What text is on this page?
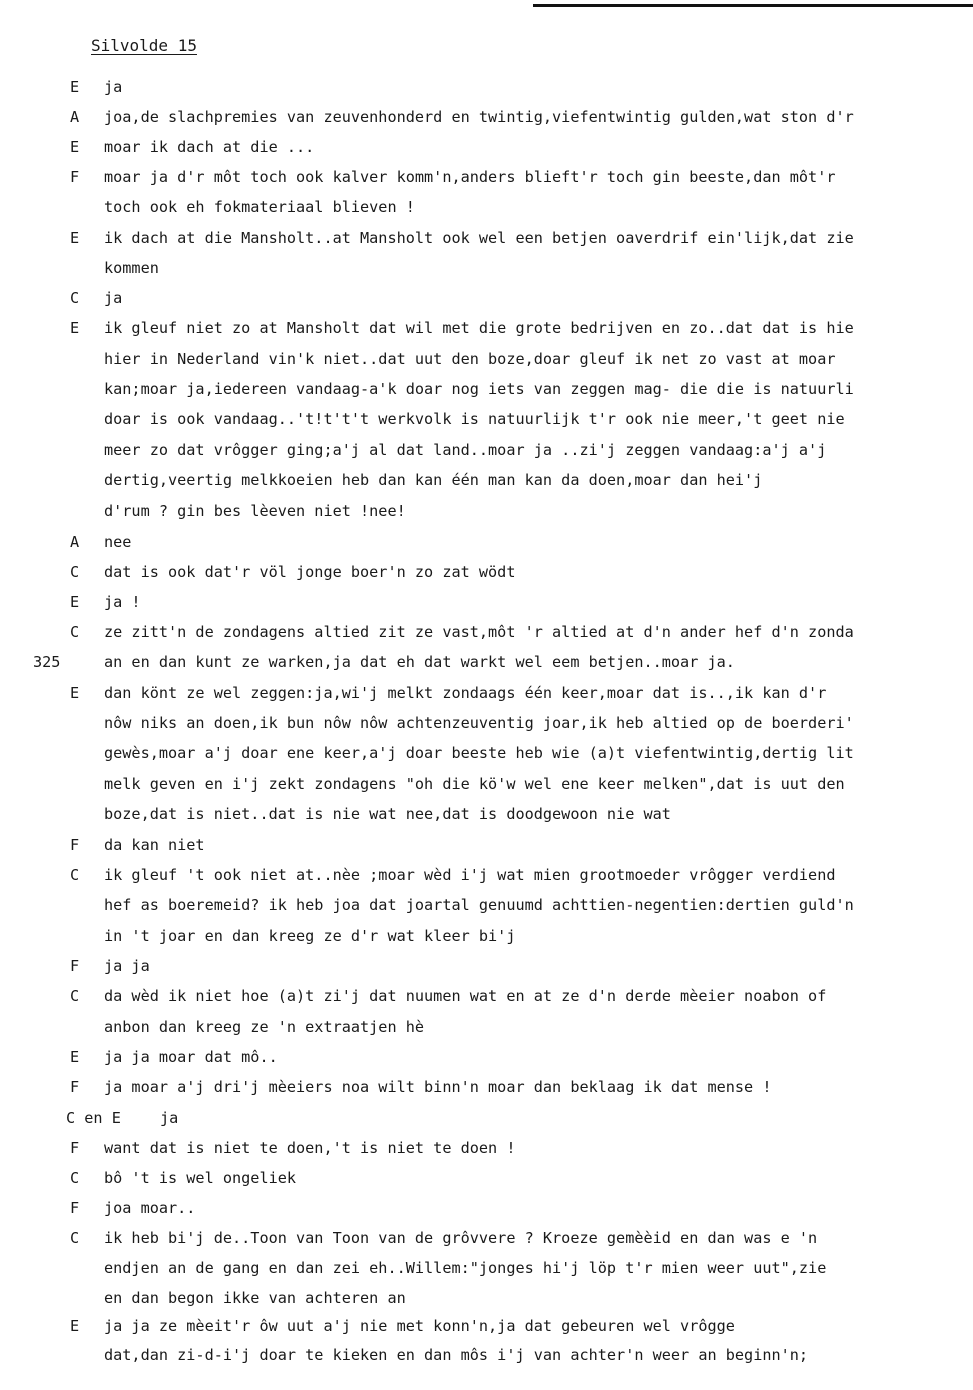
Silvolde 15
E	ja
A	joa,de slachpremies van zeuvenhonderd en twintig,viefentwintig gulden,wat ston d'r
E	moar ik dach at die ...
F	moar ja d'r môt toch ook kalver komm'n,anders blieft'r toch gin beeste,dan môt'r
toch ook eh fokmateriaal blieven !
E	ik dach at die Mansholt..at Mansholt ook wel een betjen oaverdrif ein'lijk,dat zie
kommen
C	ja
E	ik gleuf niet zo at Mansholt dat wil met die grote bedrijven en zo..dat dat is hie
hier in Nederland vin'k niet..dat uut den boze,doar gleuf ik net zo vast at moar
kan;moar ja,iedereen vandaag-a'k doar nog iets van zeggen mag- die die is natuurli
doar is ook vandaag..'t!t't't werkvolk is natuurlijk t'r ook nie meer,'t geet nie
meer zo dat vrôgger ging;a'j al dat land..moar ja ..zi'j zeggen vandaag:a'j a'j
dertig,veertig melkkoeien heb dan kan één man kan da doen,moar dan hei'j
d'rum ? gin bes lèeven niet !nee!
A	nee
C	dat is ook dat'r völ jonge boer'n zo zat wödt
E	ja !
C	ze zitt'n de zondagens altied zit ze vast,môt 'r altied at d'n ander hef d'n zonda
325	an en dan kunt ze warken,ja dat eh dat warkt wel eem betjen..moar ja.
E	dan könt ze wel zeggen:ja,wi'j melkt zondaags één keer,moar dat is..,ik kan d'r
nôw niks an doen,ik bun nôw nôw achtenzeuventig joar,ik heb altied op de boerderi'
gewès,moar a'j doar ene keer,a'j doar beeste heb wie (a)t viefentwintig,dertig lit
melk geven en i'j zekt zondagens "oh die kö'w wel ene keer melken",dat is uut den
boze,dat is niet..dat is nie wat nee,dat is doodgewoon nie wat
F	da kan niet
C	ik gleuf 't ook niet at..nèe ;moar wèd i'j wat mien grootmoeder vrôgger verdiend
hef as boeremeid? ik heb joa dat joartal genuumd achttien-negentien:dertien guld'n
in 't joar en dan kreeg ze d'r wat kleer bi'j
F	ja ja
C	da wèd ik niet hoe (a)t zi'j dat nuumen wat en at ze d'n derde mèeier noabon of
anbon dan kreeg ze 'n extraatjen hè
E	ja ja moar dat mô..
F	ja moar a'j dri'j mèeiers noa wilt binn'n moar dan beklaag ik dat mense !
C en E	ja
F	want dat is niet te doen,'t is niet te doen !
C	bô 't is wel ongeliek
F	joa moar..
C	ik heb bi'j de..Toon van Toon van de grôvvere ? Kroeze gemèèid en dan was e 'n
endjen an de gang en dan zei eh..Willem:"jonges hi'j löp t'r mien weer uut",zie
en dan begon ikke van achteren an
E	ja ja ze mèeit'r ôw uut a'j nie met konn'n,ja dat gebeuren wel vrôgge
dat,dan zi-d-i'j doar te kieken en dan môs i'j van achter'n weer an beginn'n;
